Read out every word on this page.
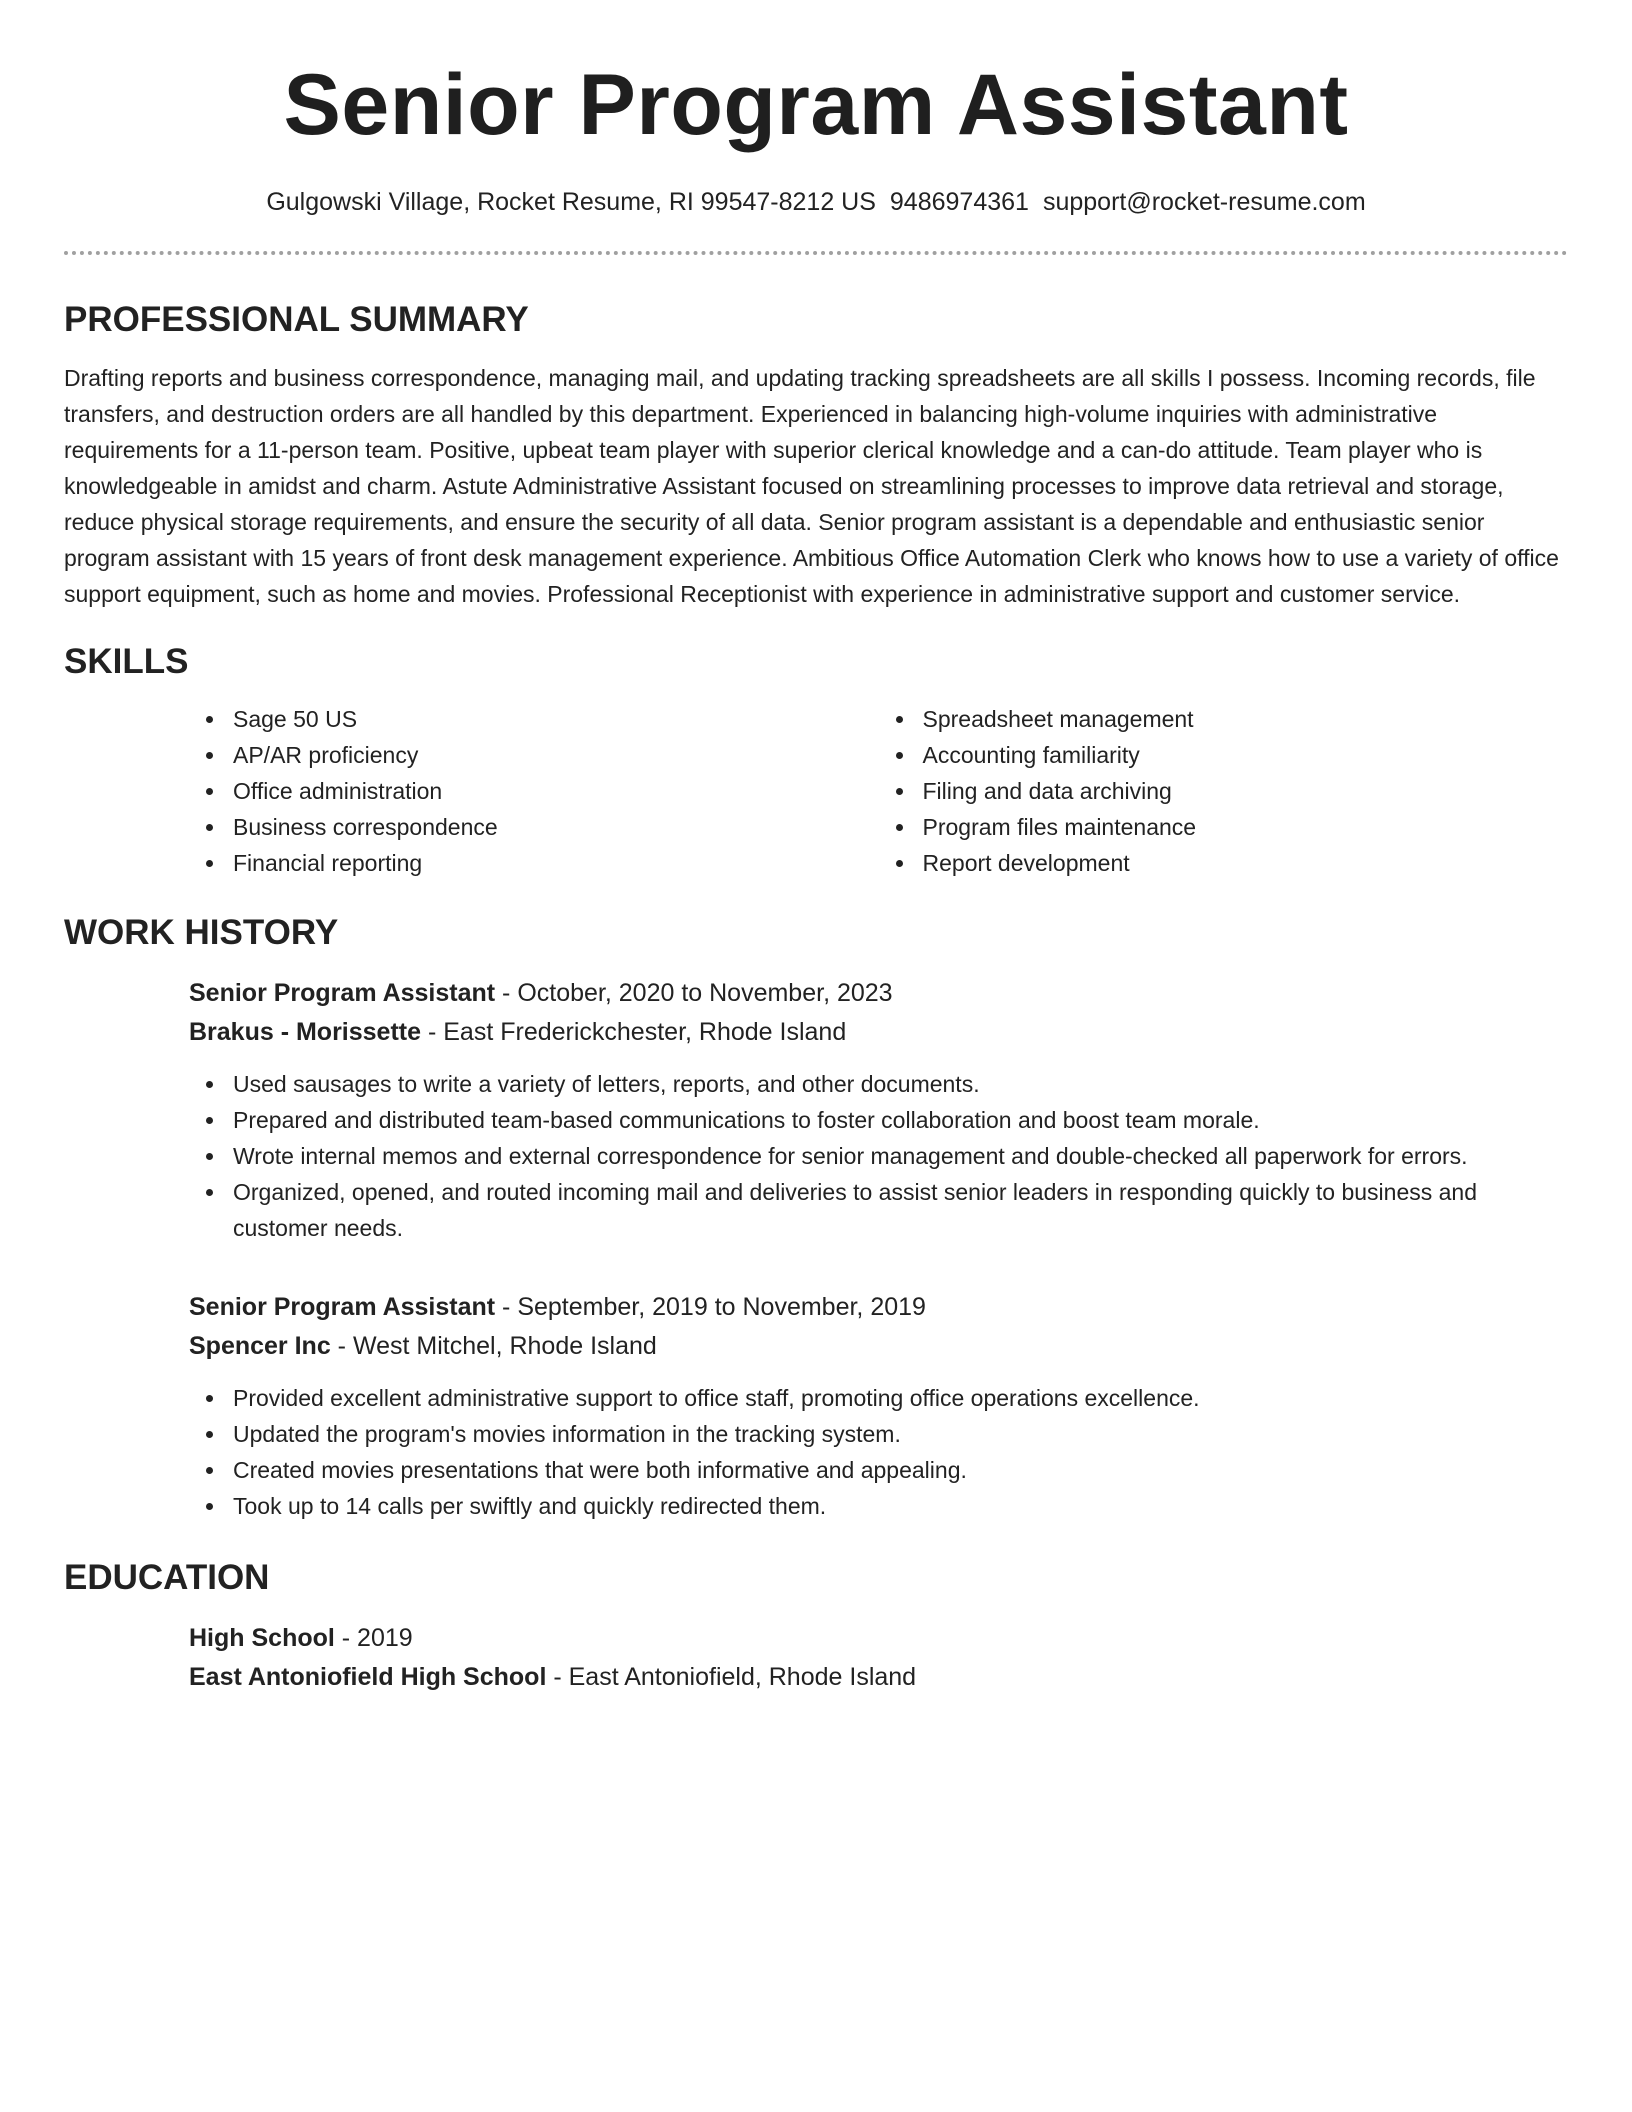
Senior Program Assistant
Gulgowski Village, Rocket Resume, RI 99547-8212 US 9486974361 support@rocket-resume.com
PROFESSIONAL SUMMARY

Drafting reports and business correspondence, managing mail, and updating tracking spreadsheets are all skills I possess. Incoming records, file transfers, and destruction orders are all handled by this department. Experienced in balancing high-volume inquiries with administrative requirements for a 11-person team. Positive, upbeat team player with superior clerical knowledge and a can-do attitude. Team player who is knowledgeable in amidst and charm. Astute Administrative Assistant focused on streamlining processes to improve data retrieval and storage, reduce physical storage requirements, and ensure the security of all data. Senior program assistant is a dependable and enthusiastic senior program assistant with 15 years of front desk management experience. Ambitious Office Automation Clerk who knows how to use a variety of office support equipment, such as home and movies. Professional Receptionist with experience in administrative support and customer service.

SKILLS
Sage 50 US
AP/AR proficiency
Office administration
Business correspondence
Financial reporting
Spreadsheet management
Accounting familiarity
Filing and data archiving
Program files maintenance
Report development
WORK HISTORY
Senior Program Assistant - October, 2020 to November, 2023
Brakus - Morissette - East Frederickchester, Rhode Island
Used sausages to write a variety of letters, reports, and other documents.
Prepared and distributed team-based communications to foster collaboration and boost team morale.
Wrote internal memos and external correspondence for senior management and double-checked all paperwork for errors.
Organized, opened, and routed incoming mail and deliveries to assist senior leaders in responding quickly to business and customer needs.
Senior Program Assistant - September, 2019 to November, 2019
Spencer Inc - West Mitchel, Rhode Island
Provided excellent administrative support to office staff, promoting office operations excellence.
Updated the program's movies information in the tracking system.
Created movies presentations that were both informative and appealing.
Took up to 14 calls per swiftly and quickly redirected them.
EDUCATION
High School - 2019
East Antoniofield High School - East Antoniofield, Rhode Island
